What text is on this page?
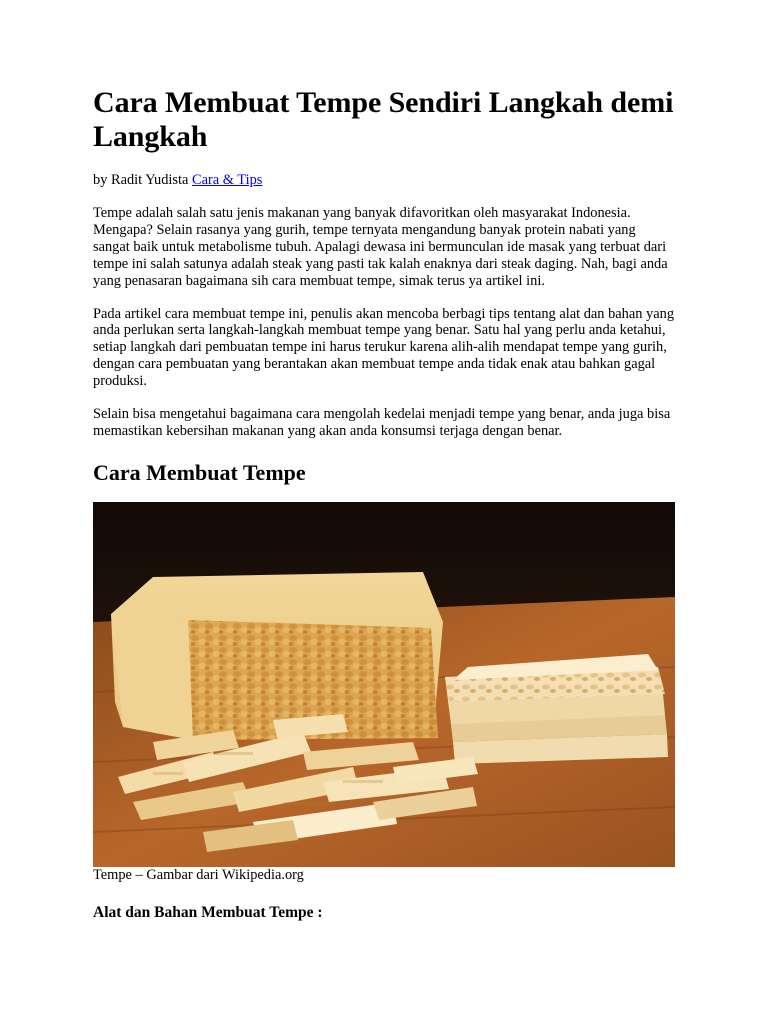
Cara Membuat Tempe Sendiri Langkah demi Langkah
by Radit Yudista Cara & Tips

Tempe adalah salah satu jenis makanan yang banyak difavoritkan oleh masyarakat Indonesia. Mengapa? Selain rasanya yang gurih, tempe ternyata mengandung banyak protein nabati yang sangat baik untuk metabolisme tubuh. Apalagi dewasa ini bermunculan ide masak yang terbuat dari tempe ini salah satunya adalah steak yang pasti tak kalah enaknya dari steak daging. Nah, bagi anda yang penasaran bagaimana sih cara membuat tempe, simak terus ya artikel ini.

Pada artikel cara membuat tempe ini, penulis akan mencoba berbagi tips tentang alat dan bahan yang anda perlukan serta langkah-langkah membuat tempe yang benar. Satu hal yang perlu anda ketahui, setiap langkah dari pembuatan tempe ini harus terukur karena alih-alih mendapat tempe yang gurih, dengan cara pembuatan yang berantakan akan membuat tempe anda tidak enak atau bahkan gagal produksi.

Selain bisa mengetahui bagaimana cara mengolah kedelai menjadi tempe yang benar, anda juga bisa memastikan kebersihan makanan yang akan anda konsumsi terjaga dengan benar.

Cara Membuat Tempe
Tempe – Gambar dari Wikipedia.org
Alat dan Bahan Membuat Tempe :
